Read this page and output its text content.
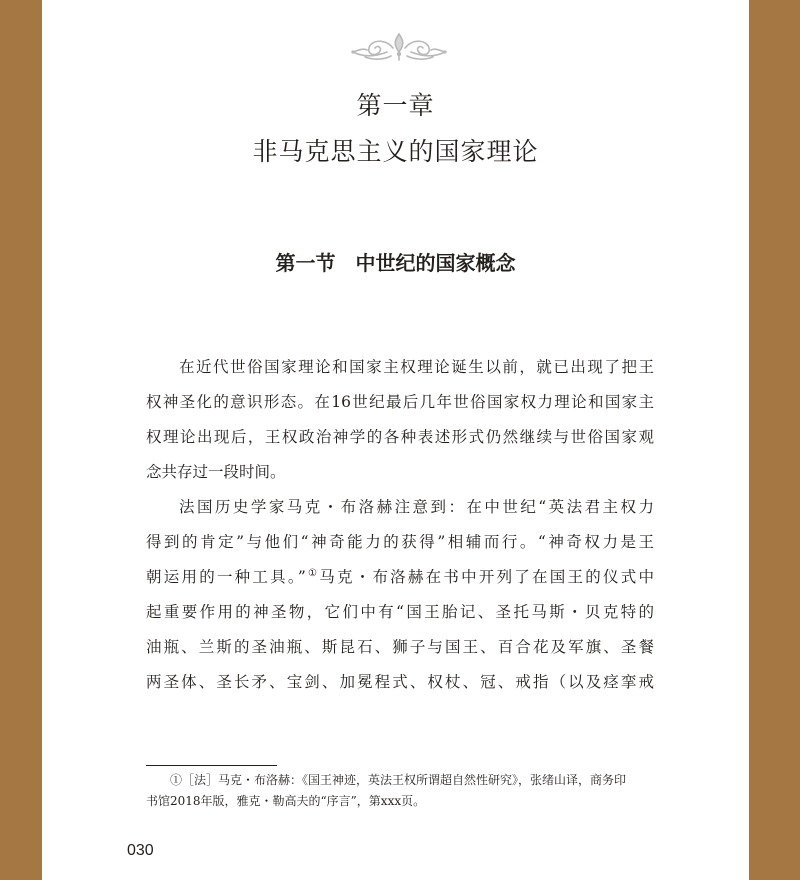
第一章
非马克思主义的国家理论
第一节　中世纪的国家概念
在近代世俗国家理论和国家主权理论诞生以前，就已出现了把王
权神圣化的意识形态。在16世纪最后几年世俗国家权力理论和国家主
权理论出现后，王权政治神学的各种表述形式仍然继续与世俗国家观
念共存过一段时间。
法国历史学家马克・布洛赫注意到：在中世纪“英法君主权力
得到的肯定”与他们“神奇能力的获得”相辅而行。“神奇权力是王
朝运用的一种工具。”①马克・布洛赫在书中开列了在国王的仪式中
起重要作用的神圣物，它们中有“国王胎记、圣托马斯・贝克特的
油瓶、兰斯的圣油瓶、斯昆石、狮子与国王、百合花及军旗、圣餐
两圣体、圣长矛、宝剑、加冕程式、权杖、冠、戒指（以及痉挛戒
①［法］马克・布洛赫：《国王神迹，英法王权所谓超自然性研究》，张绪山译，商务印
书馆2018年版，雅克・勒高夫的“序言”，第xxx页。
030
